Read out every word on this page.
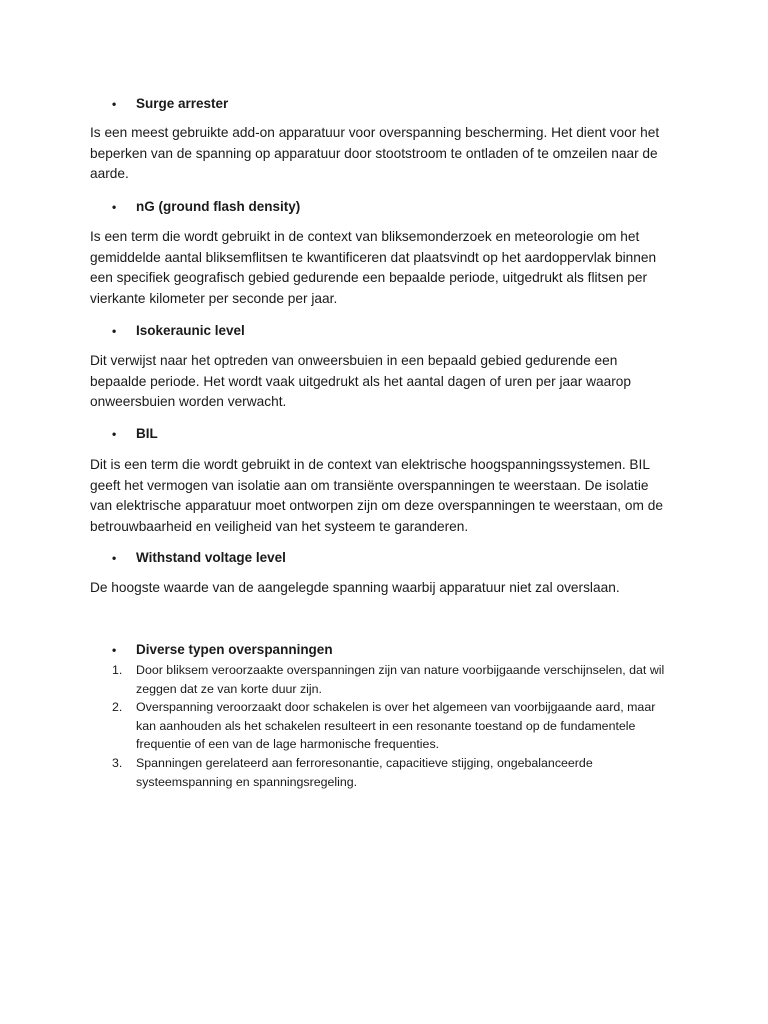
• Surge arrester
Is een meest gebruikte add-on apparatuur voor overspanning bescherming. Het dient voor het
beperken van de spanning op apparatuur door stootstroom te ontladen of te omzeilen naar de
aarde.
• nG (ground flash density)
Is een term die wordt gebruikt in de context van bliksemonderzoek en meteorologie om het
gemiddelde aantal bliksemflitsen te kwantificeren dat plaatsvindt op het aardoppervlak binnen
een specifiek geografisch gebied gedurende een bepaalde periode, uitgedrukt als flitsen per
vierkante kilometer per seconde per jaar.
• Isokeraunic level
Dit verwijst naar het optreden van onweersbuien in een bepaald gebied gedurende een
bepaalde periode. Het wordt vaak uitgedrukt als het aantal dagen of uren per jaar waarop
onweersbuien worden verwacht.
• BIL
Dit is een term die wordt gebruikt in de context van elektrische hoogspanningssystemen. BIL
geeft het vermogen van isolatie aan om transiënte overspanningen te weerstaan. De isolatie
van elektrische apparatuur moet ontworpen zijn om deze overspanningen te weerstaan, om de
betrouwbaarheid en veiligheid van het systeem te garanderen.
• Withstand voltage level
De hoogste waarde van de aangelegde spanning waarbij apparatuur niet zal overslaan.
• Diverse typen overspanningen
1.	Door bliksem veroorzaakte overspanningen zijn van nature voorbijgaande verschijnselen, dat wil
zeggen dat ze van korte duur zijn.
2.	Overspanning veroorzaakt door schakelen is over het algemeen van voorbijgaande aard, maar
kan aanhouden als het schakelen resulteert in een resonante toestand op de fundamentele
frequentie of een van de lage harmonische frequenties.
3.	Spanningen gerelateerd aan ferroresonantie, capacitieve stijging, ongebalanceerde
systeemspanning en spanningsregeling.
